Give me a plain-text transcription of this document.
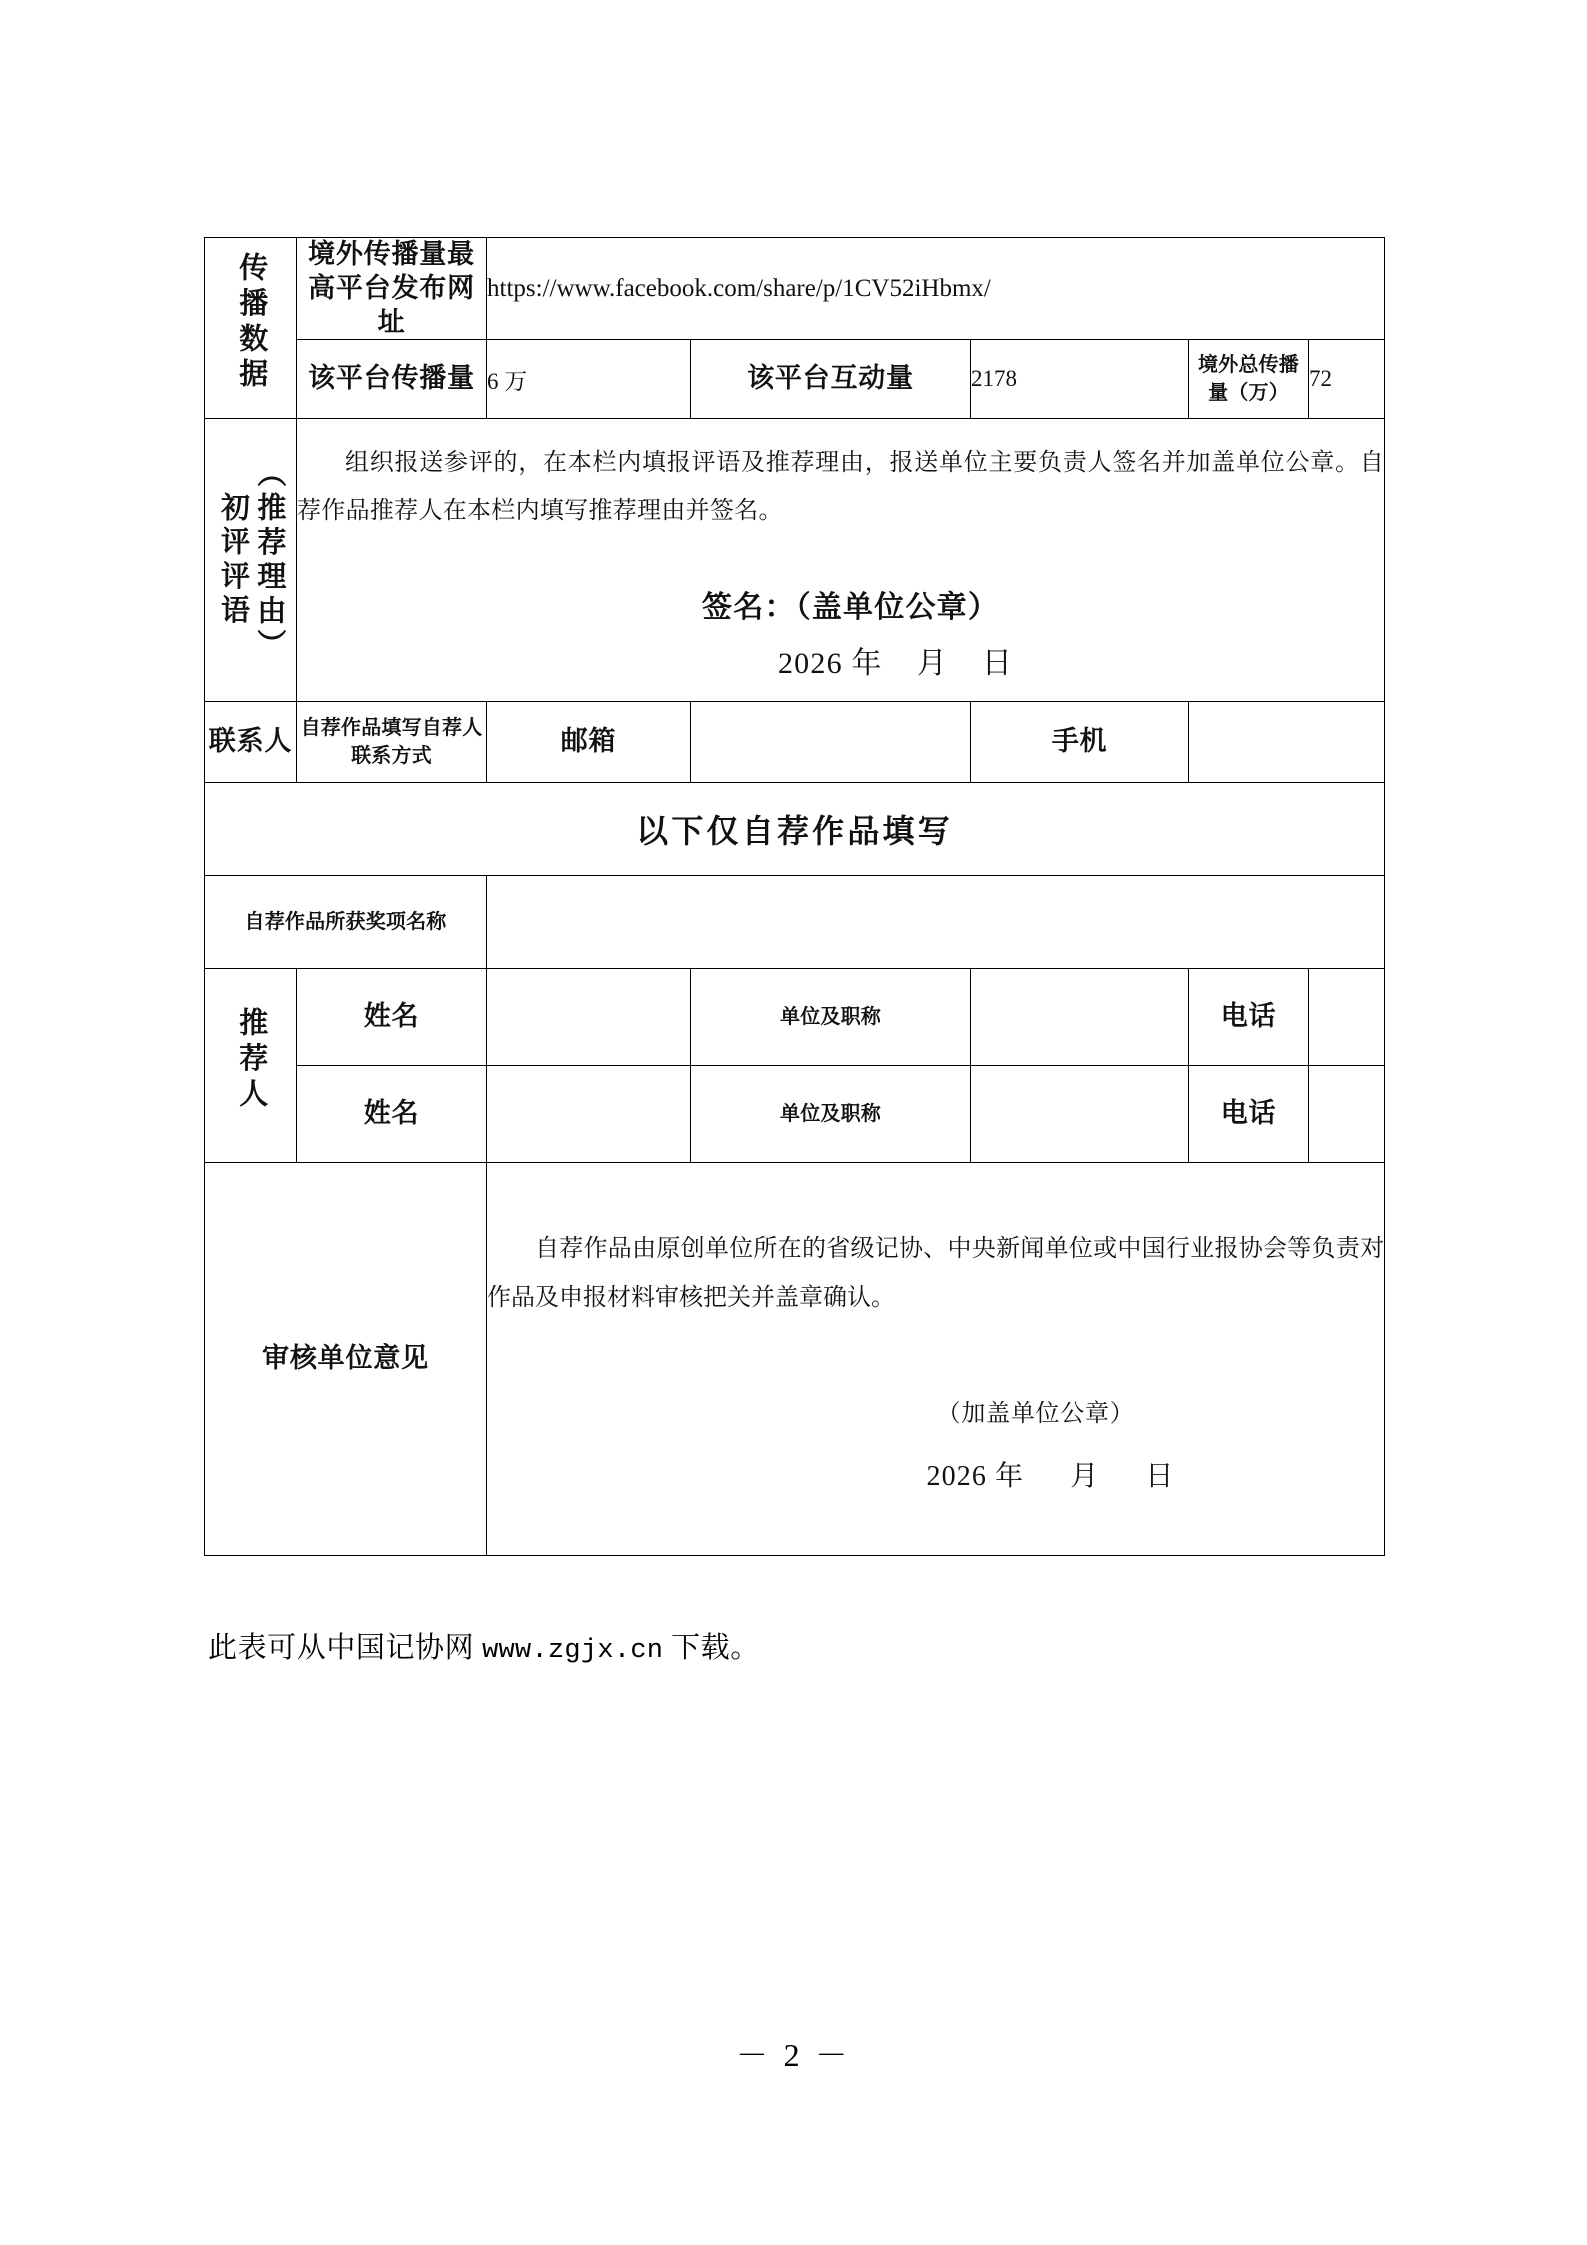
传播数据	境外传播量最高平台发布网址	https://www.facebook.com/share/p/1CV52iHbmx/				
	该平台传播量	6 万	该平台互动量	2178	境外总传播量（万）	72

初评评语 （推荐理由）	组织报送参评的，在本栏内填报评语及推荐理由，报送单位主要负责人签名并加盖单位公章。自荐作品推荐人在本栏内填写推荐理由并签名。
签名：（盖单位公章）
2026 年 月 日

联系人	自荐作品填写自荐人联系方式	邮箱		手机		
以下仅自荐作品填写						
自荐作品所获奖项名称						
推荐人	姓名		单位及职称		电话	
	姓名		单位及职称		电话	
审核单位意见		自荐作品由原创单位所在的省级记协、中央新闻单位或中国行业报协会等负责对作品及申报材料审核把关并盖章确认。
（加盖单位公章）
2026 年 月 日				
此表可从中国记协网 www.zgjx.cn 下载。
－ 2 －
